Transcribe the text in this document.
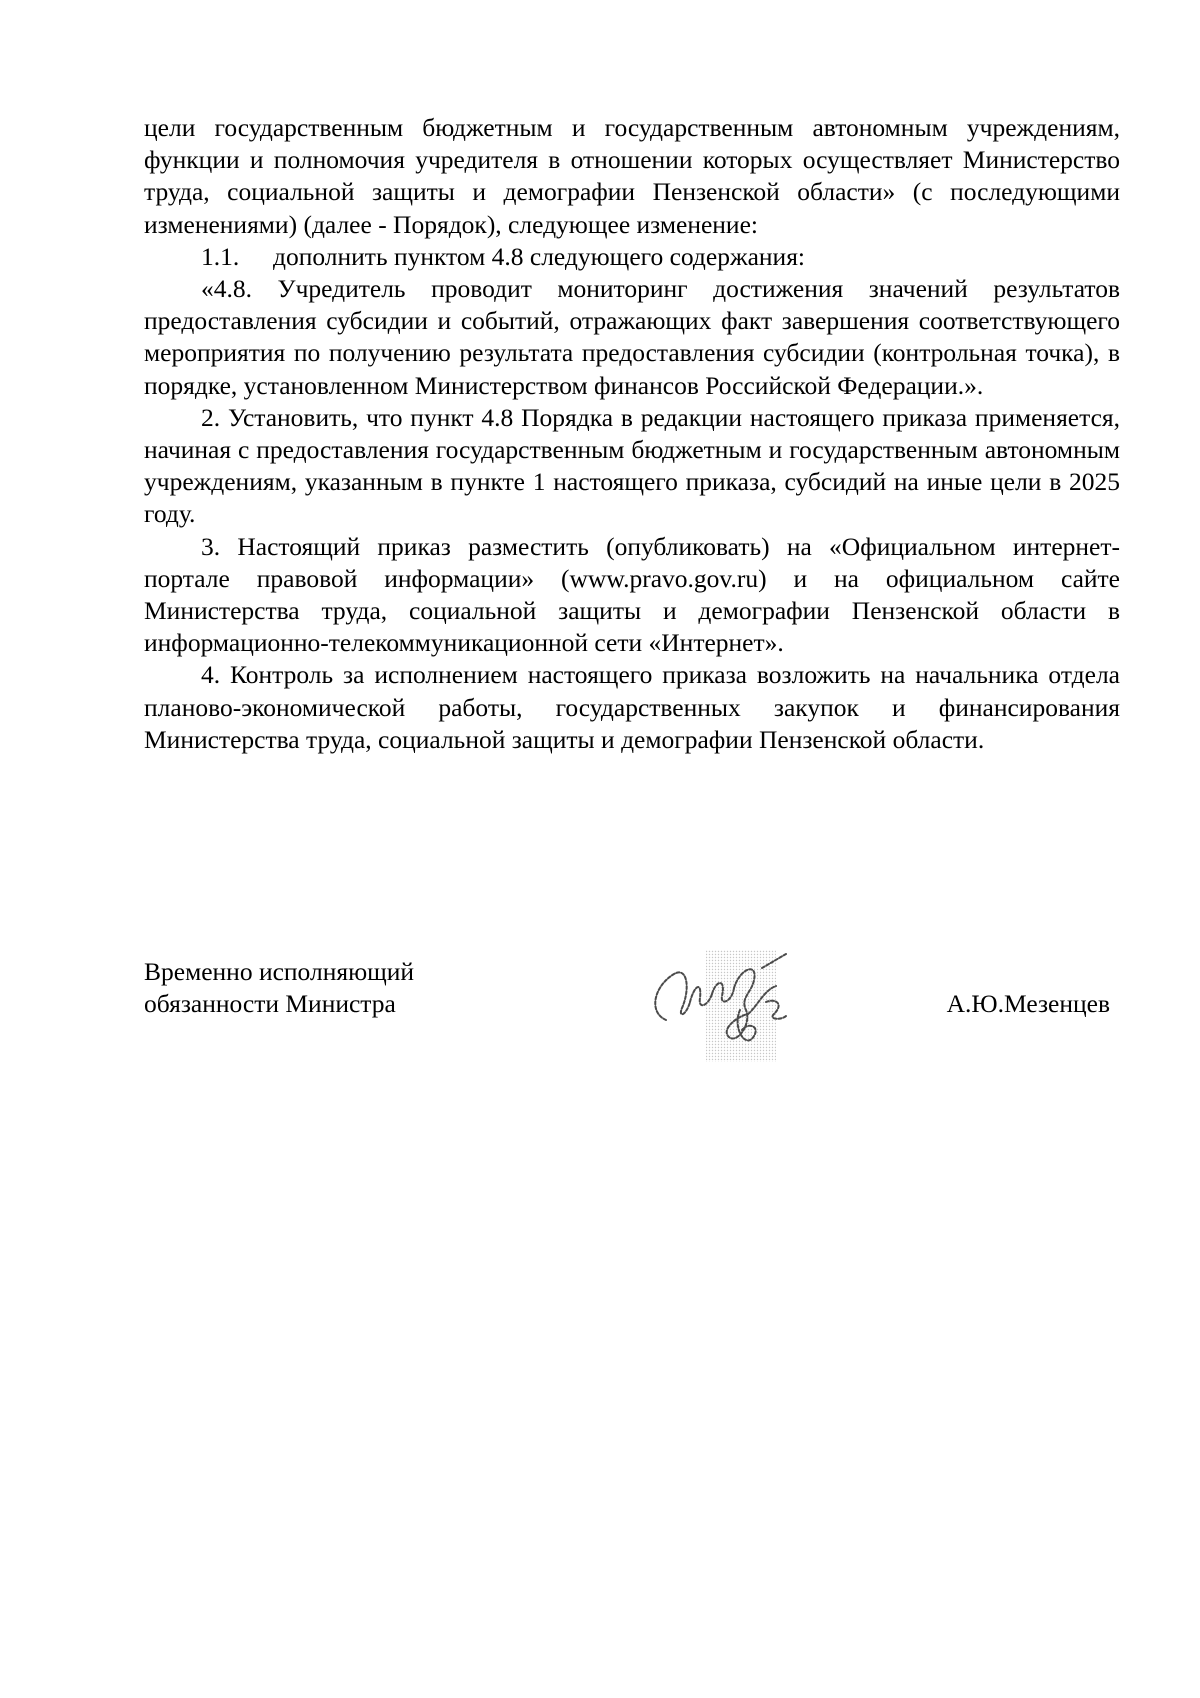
цели государственным бюджетным и государственным автономным учреждениям, функции и полномочия учредителя в отношении которых осуществляет Министерство труда, социальной защиты и демографии Пензенской области» (с последующими изменениями) (далее - Порядок), следующее изменение:

1.1.	дополнить пунктом 4.8 следующего содержания:

«4.8. Учредитель проводит мониторинг достижения значений результатов предоставления субсидии и событий, отражающих факт завершения соответствующего мероприятия по получению результата предоставления субсидии (контрольная точка), в порядке, установленном Министерством финансов Российской Федерации.».

2. Установить, что пункт 4.8 Порядка в редакции настоящего приказа применяется, начиная с предоставления государственным бюджетным и государственным автономным учреждениям, указанным в пункте 1 настоящего приказа, субсидий на иные цели в 2025 году.

3. Настоящий приказ разместить (опубликовать) на «Официальном интернет-портале правовой информации» (www.pravo.gov.ru) и на официальном сайте Министерства труда, социальной защиты и демографии Пензенской области в информационно-телекоммуникационной сети «Интернет».

4. Контроль за исполнением настоящего приказа возложить на начальника отдела планово-экономической работы, государственных закупок и финансирования Министерства труда, социальной защиты и демографии Пензенской области.

Временно исполняющий
обязанности Министра	А.Ю.Мезенцев
